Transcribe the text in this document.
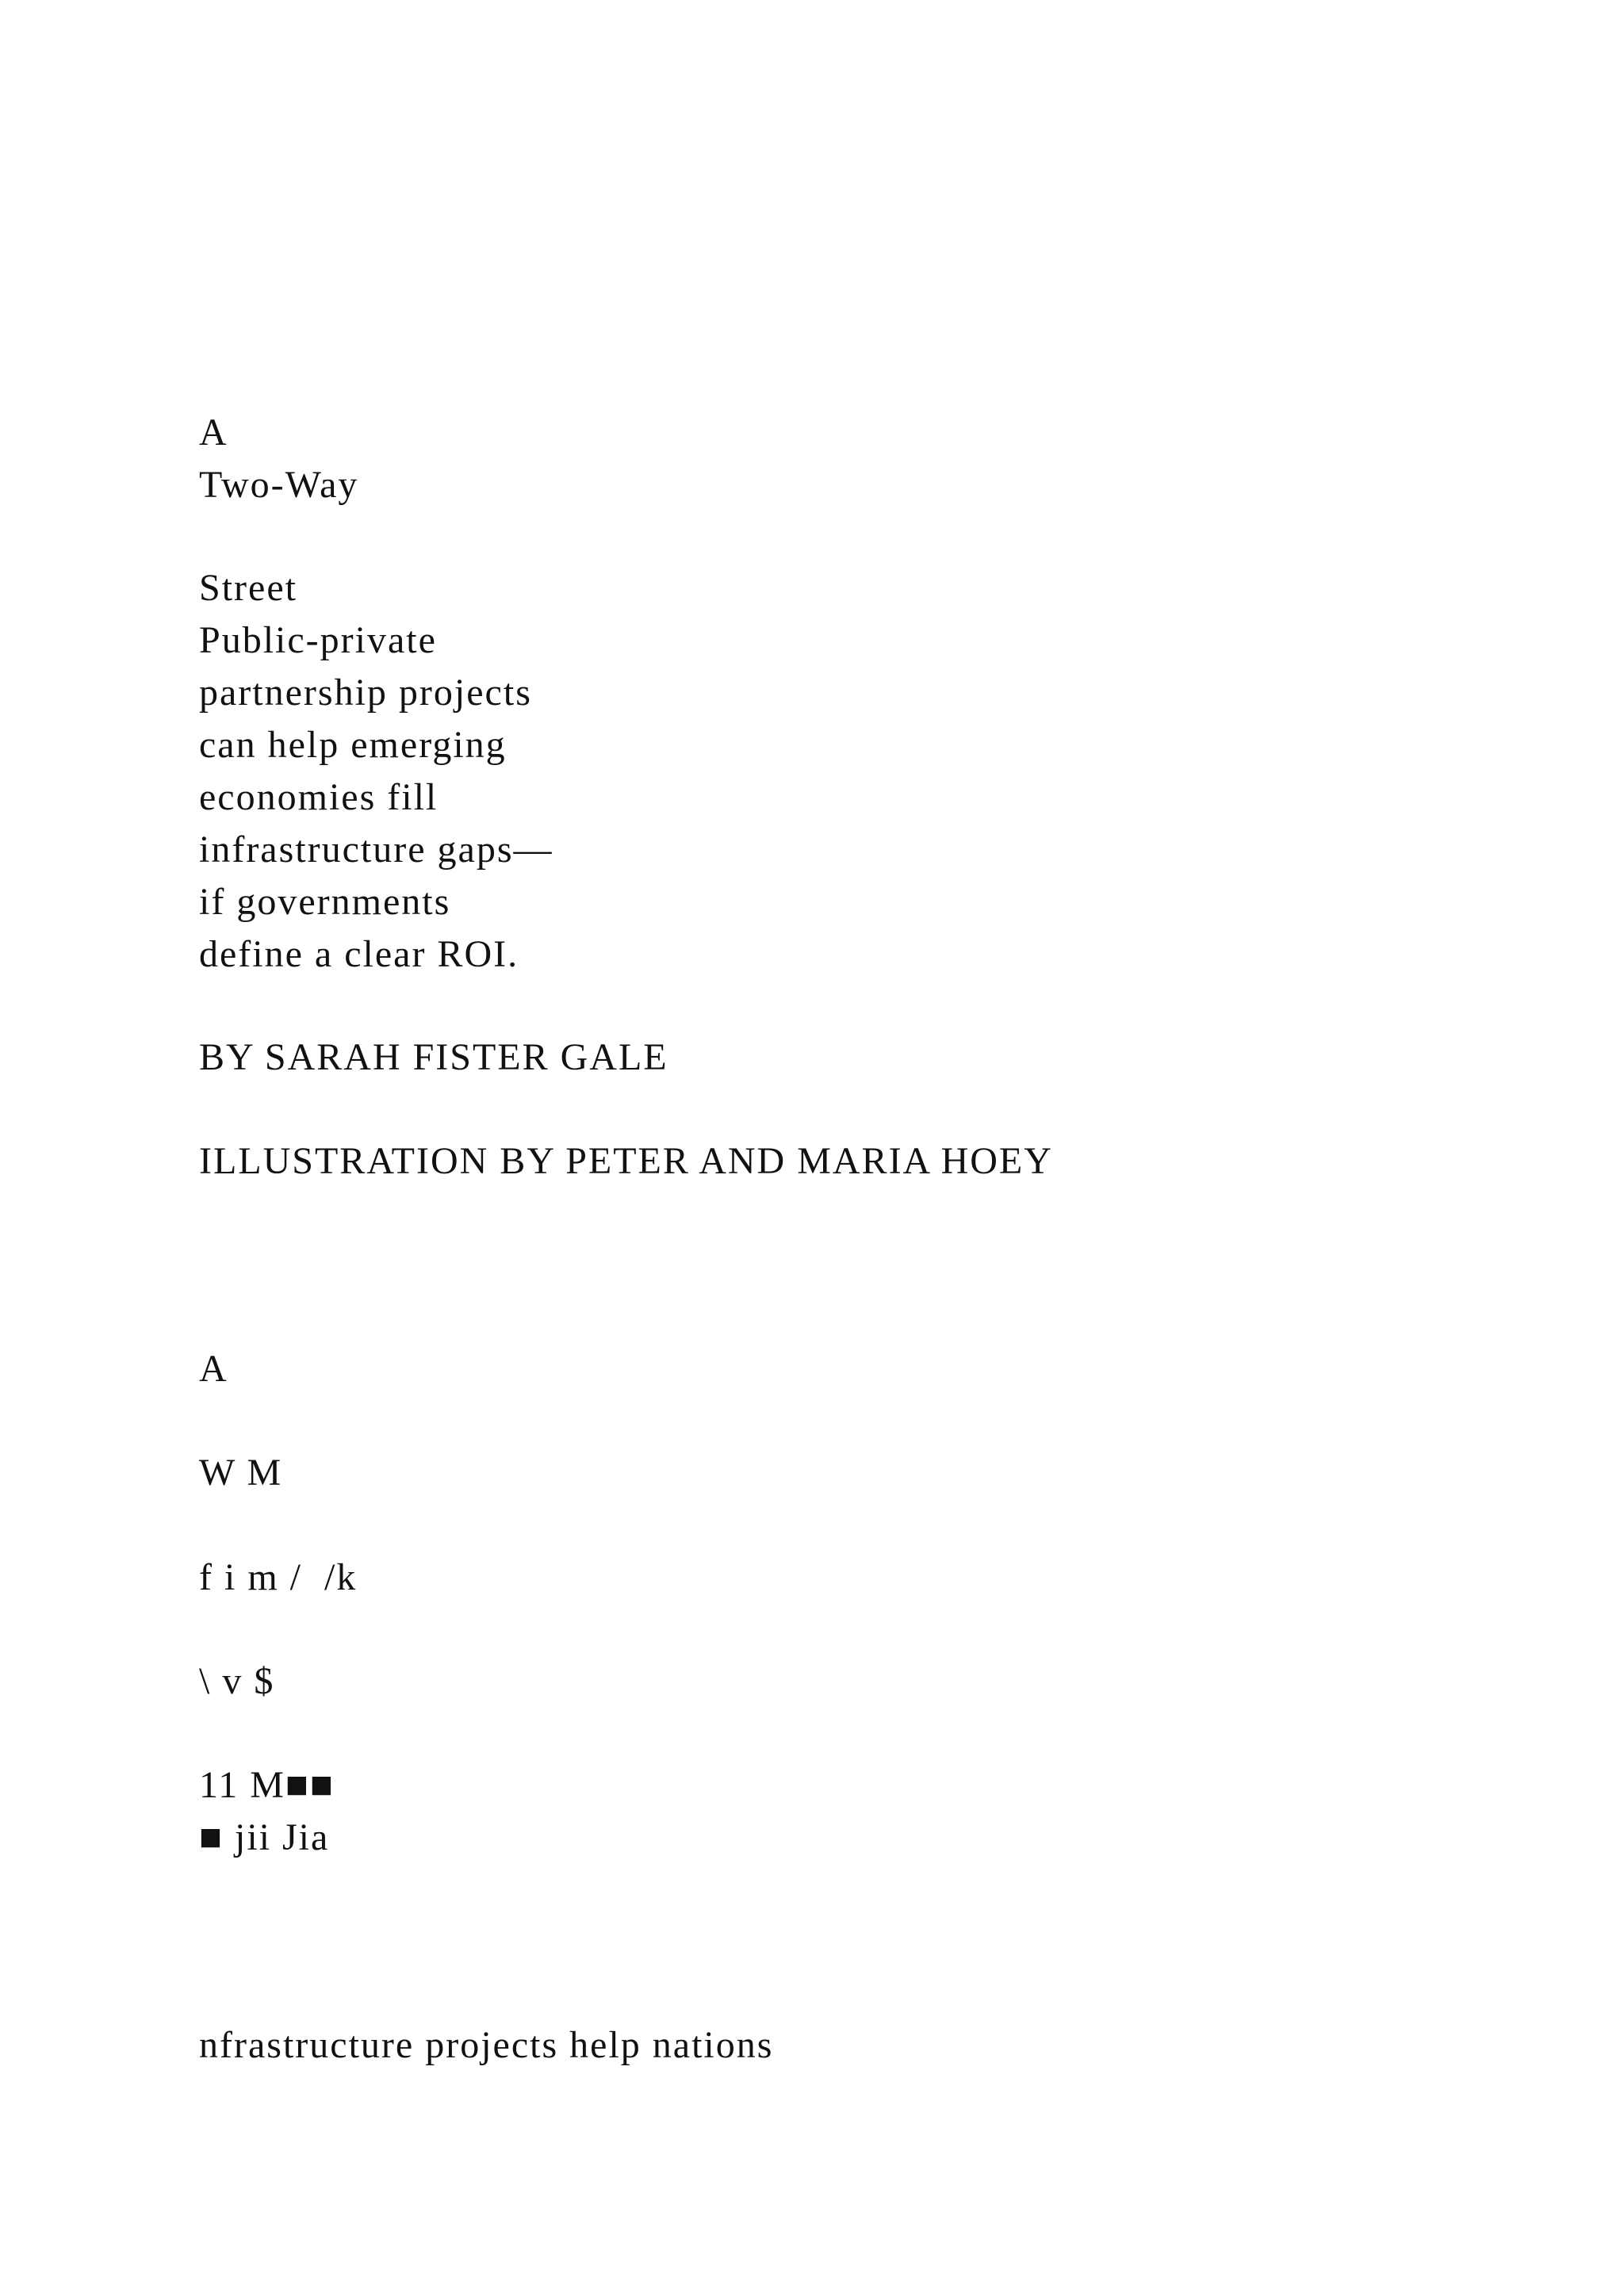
A
Two-Way
Street
Public-private
partnership projects
can help emerging
economies fill
infrastructure gaps—
if governments
define a clear ROI.
BY SARAH FISTER GALE
ILLUSTRATION BY PETER AND MARIA HOEY
A
W M
f i m /  /k
\ v $
11 M■■
■ jii Jia
nfrastructure projects help nations
